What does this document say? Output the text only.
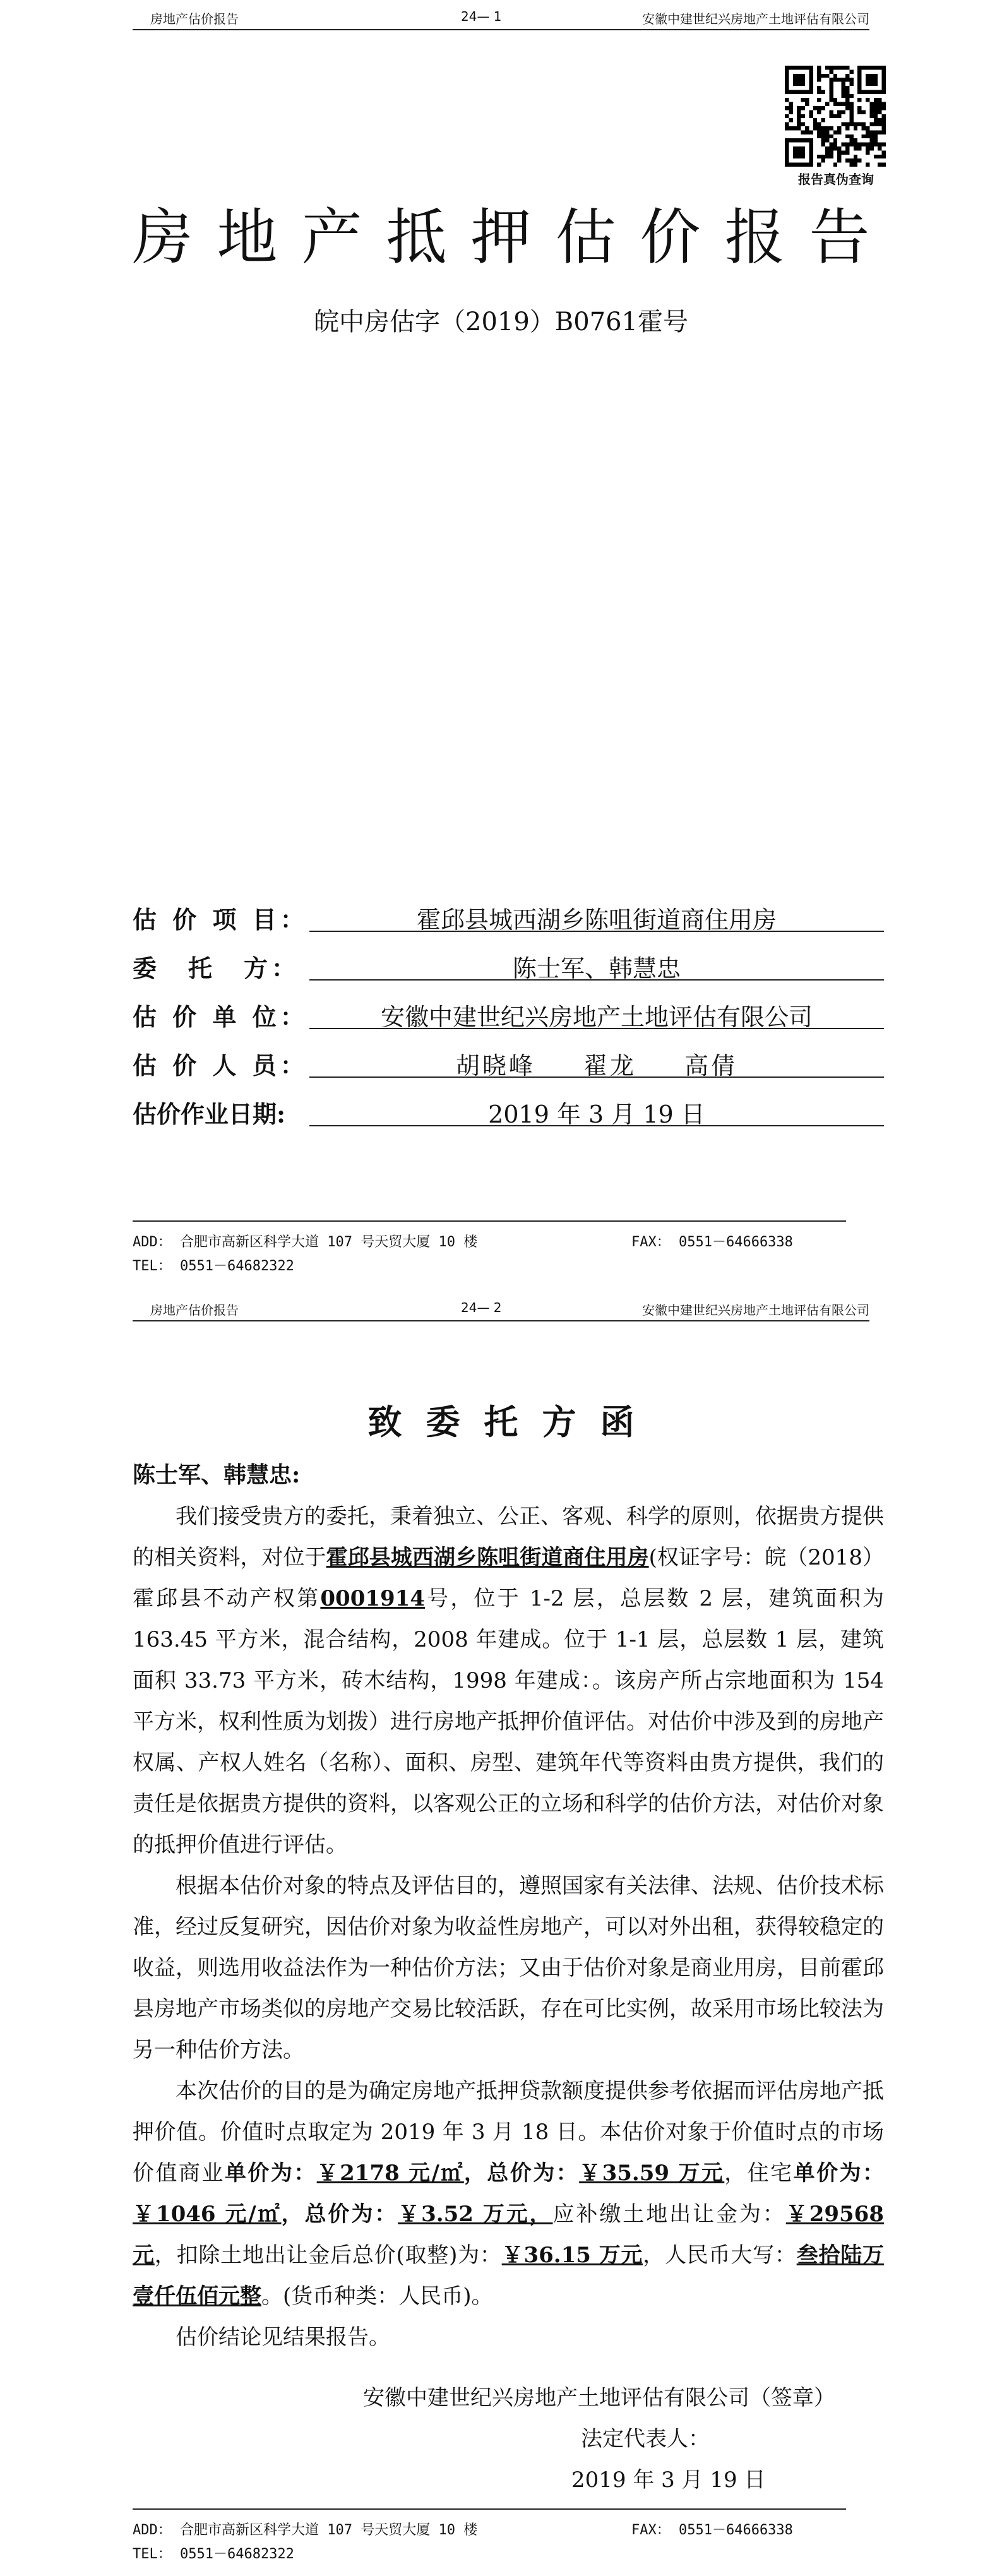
房地产估价报告	24— 1	安徽中建世纪兴房地产土地评估有限公司
报告真伪查询
房地产抵押估价报告
皖中房估字（2019）B0761霍号
估 价 项 目：	霍邱县城西湖乡陈咀街道商住用房
委　托　方：	陈士军、韩慧忠
估 价 单 位：	安徽中建世纪兴房地产土地评估有限公司
估 价 人 员：	胡晓峰 翟龙 高倩
估价作业日期:	2019 年 3 月 19 日
ADD： 合肥市高新区科学大道 107 号天贸大厦 10 楼	FAX： 0551－64666338
TEL： 0551－64682322
房地产估价报告	24— 2	安徽中建世纪兴房地产土地评估有限公司
致委托方函
陈士军、韩慧忠:

我们接受贵方的委托，秉着独立、公正、客观、科学的原则，依据贵方提供的相关资料，对位于霍邱县城西湖乡陈咀街道商住用房(权证字号：皖（2018）霍邱县不动产权第0001914号，位于 1-2 层，总层数 2 层，建筑面积为 163.45 平方米，混合结构，2008 年建成。位于 1-1 层，总层数 1 层，建筑面积 33.73 平方米，砖木结构，1998 年建成：。该房产所占宗地面积为 154 平方米，权利性质为划拨）进行房地产抵押价值评估。对估价中涉及到的房地产权属、产权人姓名（名称）、面积、房型、建筑年代等资料由贵方提供，我们的责任是依据贵方提供的资料，以客观公正的立场和科学的估价方法，对估价对象的抵押价值进行评估。

根据本估价对象的特点及评估目的，遵照国家有关法律、法规、估价技术标准，经过反复研究，因估价对象为收益性房地产，可以对外出租，获得较稳定的收益，则选用收益法作为一种估价方法；又由于估价对象是商业用房，目前霍邱县房地产市场类似的房地产交易比较活跃，存在可比实例，故采用市场比较法为另一种估价方法。

本次估价的目的是为确定房地产抵押贷款额度提供参考依据而评估房地产抵押价值。价值时点取定为 2019 年 3 月 18 日。本估价对象于价值时点的市场价值商业单价为：￥2178 元/㎡，总价为：￥35.59 万元，住宅单价为：￥1046 元/㎡，总价为：￥3.52 万元，应补缴土地出让金为：￥29568 元，扣除土地出让金后总价(取整)为：￥36.15 万元，人民币大写：叁拾陆万壹仟伍佰元整。(货币种类：人民币)。

估价结论见结果报告。

安徽中建世纪兴房地产土地评估有限公司（签章）
法定代表人：
2019 年 3 月 19 日
ADD： 合肥市高新区科学大道 107 号天贸大厦 10 楼	FAX： 0551－64666338
TEL： 0551－64682322
